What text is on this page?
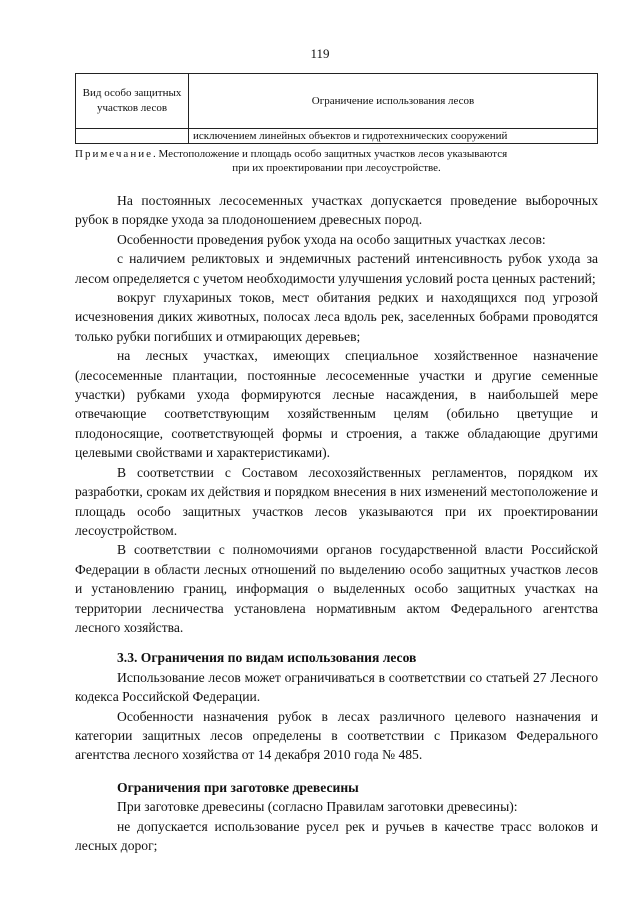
119
Вид особо защитных участков лесов	Ограничение использования лесов
	исключением линейных объектов и гидротехнических сооружений
Примечание. Местоположение и площадь особо защитных участков лесов указываются
при их проектировании при лесоустройстве.

На постоянных лесосеменных участках допускается проведение выборочных рубок в порядке ухода за плодоношением древесных пород.

Особенности проведения рубок ухода на особо защитных участках лесов:

с наличием реликтовых и эндемичных растений интенсивность рубок ухода за лесом определяется с учетом необходимости улучшения условий роста ценных растений;

вокруг глухариных токов, мест обитания редких и находящихся под угрозой исчезновения диких животных, полосах леса вдоль рек, заселенных бобрами проводятся только рубки погибших и отмирающих деревьев;

на лесных участках, имеющих специальное хозяйственное назначение (лесосеменные плантации, постоянные лесосеменные участки и другие семенные участки) рубками ухода формируются лесные насаждения, в наибольшей мере отвечающие соответствующим хозяйственным целям (обильно цветущие и плодоносящие, соответствующей формы и строения, а также обладающие другими целевыми свойствами и характеристиками).

В соответствии с Составом лесохозяйственных регламентов, порядком их разработки, срокам их действия и порядком внесения в них изменений местоположение и площадь особо защитных участков лесов указываются при их проектировании лесоустройством.

В соответствии с полномочиями органов государственной власти Российской Федерации в области лесных отношений по выделению особо защитных участков лесов и установлению границ, информация о выделенных особо защитных участках на территории лесничества установлена нормативным актом Федерального агентства лесного хозяйства.

3.3. Ограничения по видам использования лесов

Использование лесов может ограничиваться в соответствии со статьей 27 Лесного кодекса Российской Федерации.

Особенности назначения рубок в лесах различного целевого назначения и категории защитных лесов определены в соответствии с Приказом Федерального агентства лесного хозяйства от 14 декабря 2010 года № 485.

Ограничения при заготовке древесины

При заготовке древесины (согласно Правилам заготовки древесины):

не допускается использование русел рек и ручьев в качестве трасс волоков и лесных дорог;
